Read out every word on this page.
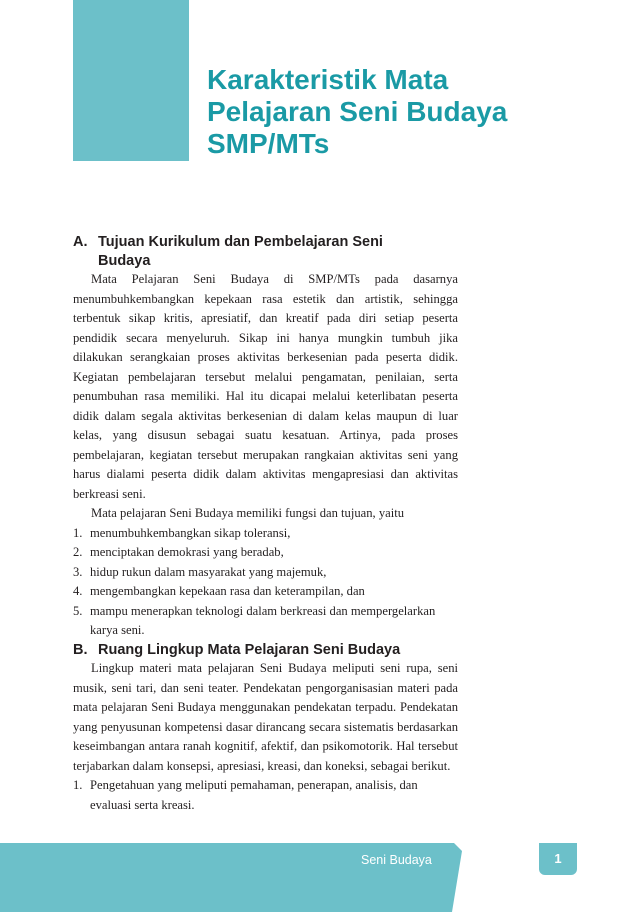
Karakteristik Mata
Pelajaran Seni Budaya
SMP/MTs
A. Tujuan Kurikulum dan Pembelajaran Seni
Budaya

Mata Pelajaran Seni Budaya di SMP/MTs pada dasarnya menumbuhkembangkan kepekaan rasa estetik dan artistik, sehingga terbentuk sikap kritis, apresiatif, dan kreatif pada diri setiap peserta pendidik secara menyeluruh. Sikap ini hanya mungkin tumbuh jika dilakukan serangkaian proses aktivitas berkesenian pada peserta didik. Kegiatan pembelajaran tersebut melalui pengamatan, penilaian, serta penumbuhan rasa memiliki. Hal itu dicapai melalui keterlibatan peserta didik dalam segala aktivitas berkesenian di dalam kelas maupun di luar kelas, yang disusun sebagai suatu kesatuan. Artinya, pada proses pembelajaran, kegiatan tersebut merupakan rangkaian aktivitas seni yang harus dialami peserta didik dalam aktivitas mengapresiasi dan aktivitas berkreasi seni.

Mata pelajaran Seni Budaya memiliki fungsi dan tujuan, yaitu

1. menumbuhkembangkan sikap toleransi,
2. menciptakan demokrasi yang beradab,
3. hidup rukun dalam masyarakat yang majemuk,
4. mengembangkan kepekaan rasa dan keterampilan, dan
5. mampu menerapkan teknologi dalam berkreasi dan mempergelarkan karya seni.
B. Ruang Lingkup Mata Pelajaran Seni Budaya

Lingkup materi mata pelajaran Seni Budaya meliputi seni rupa, seni musik, seni tari, dan seni teater. Pendekatan pengorganisasian materi pada mata pelajaran Seni Budaya menggunakan pendekatan terpadu. Pendekatan yang penyusunan kompetensi dasar dirancang secara sistematis berdasarkan keseimbangan antara ranah kognitif, afektif, dan psikomotorik. Hal tersebut terjabarkan dalam konsepsi, apresiasi, kreasi, dan koneksi, sebagai berikut.

1. Pengetahuan yang meliputi pemahaman, penerapan, analisis, dan evaluasi serta kreasi.
Seni Budaya	1
